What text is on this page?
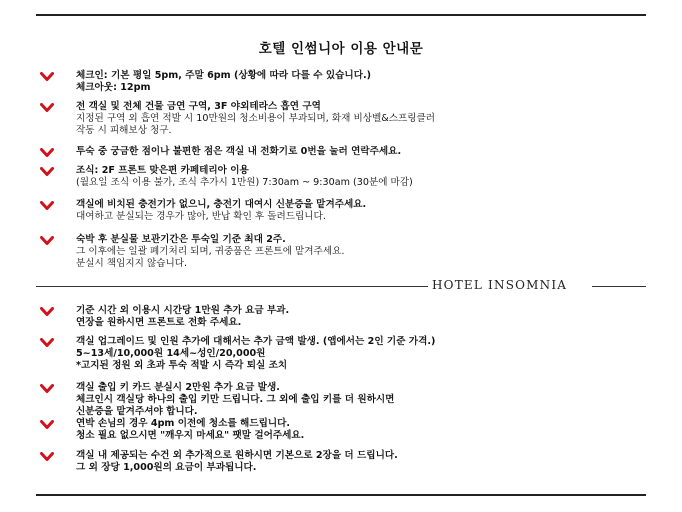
호텔 인썸니아 이용 안내문
체크인: 기본 평일 5pm, 주말 6pm (상황에 따라 다를 수 있습니다.)
체크아웃: 12pm
전 객실 및 전체 건물 금연 구역, 3F 야외테라스 흡연 구역
지정된 구역 외 흡연 적발 시 10만원의 청소비용이 부과되며, 화재 비상벨&스프링클러
작동 시 피해보상 청구.
투숙 중 궁금한 점이나 불편한 점은 객실 내 전화기로 0번을 눌러 연락주세요.
조식: 2F 프론트 맞은편 카페테리아 이용
(월요일 조식 이용 불가, 조식 추가시 1만원) 7:30am ~ 9:30am (30분에 마감)
객실에 비치된 충전기가 없으니, 충전기 대여시 신분증을 맡겨주세요.
대여하고 분실되는 경우가 많아, 반납 확인 후 돌려드립니다.
숙박 후 분실물 보관기간은 투숙일 기준 최대 2주.
그 이후에는 일괄 폐기처리 되며, 귀중품은 프론트에 맡겨주세요.
분실시 책임지지 않습니다.
HOTEL INSOMNIA
기준 시간 외 이용시 시간당 1만원 추가 요금 부과.
연장을 원하시면 프론트로 전화 주세요.
객실 업그레이드 및 인원 추가에 대해서는 추가 금액 발생. (앱에서는 2인 기준 가격.)
5~13세/10,000원 14세~성인/20,000원
*고지된 정원 외 초과 투숙 적발 시 즉각 퇴실 조치
객실 출입 키 카드 분실시 2만원 추가 요금 발생.
체크인시 객실당 하나의 출입 키만 드립니다. 그 외에 출입 키를 더 원하시면
신분증을 맡겨주셔야 합니다.
연박 손님의 경우 4pm 이전에 청소를 해드립니다.
청소 필요 없으시면 "깨우지 마세요" 팻말 걸어주세요.
객실 내 제공되는 수건 외 추가적으로 원하시면 기본으로 2장을 더 드립니다.
그 외 장당 1,000원의 요금이 부과됩니다.
